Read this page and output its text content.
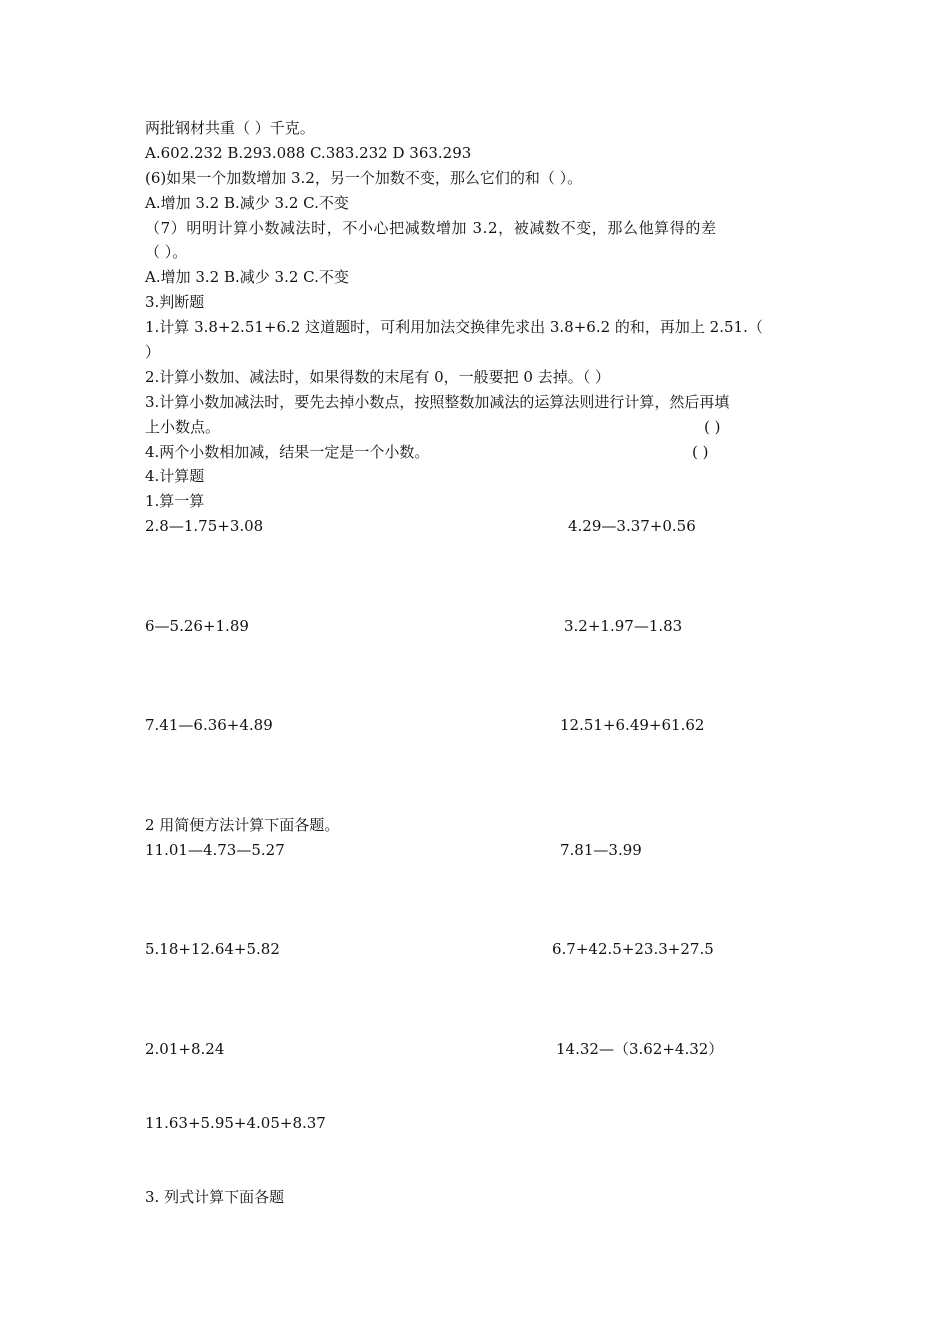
两批钢材共重（ ）千克。
A.602.232 B.293.088 C.383.232 D 363.293
(6)如果一个加数增加 3.2，另一个加数不变，那么它们的和（ ）。
A.增加 3.2 B.减少 3.2 C.不变
（7）明明计算小数减法时，不小心把减数增加 3.2，被减数不变，那么他算得的差
（ ）。
A.增加 3.2 B.减少 3.2 C.不变
3.判断题
1.计算 3.8+2.51+6.2 这道题时，可利用加法交换律先求出 3.8+6.2 的和，再加上 2.51.（
）
2.计算小数加、减法时，如果得数的末尾有 0，一般要把 0 去掉。（ ）
3.计算小数加减法时，要先去掉小数点，按照整数加减法的运算法则进行计算，然后再填
上小数点。	( )
4.两个小数相加减，结果一定是一个小数。	( )
4.计算题
1.算一算
2.8—1.75+3.08	4.29—3.37+0.56
6—5.26+1.89	3.2+1.97—1.83
7.41—6.36+4.89	12.51+6.49+61.62
2 用简便方法计算下面各题。
11.01—4.73—5.27	7.81—3.99
5.18+12.64+5.82	6.7+42.5+23.3+27.5
2.01+8.24	14.32—（3.62+4.32）
11.63+5.95+4.05+8.37
3. 列式计算下面各题
